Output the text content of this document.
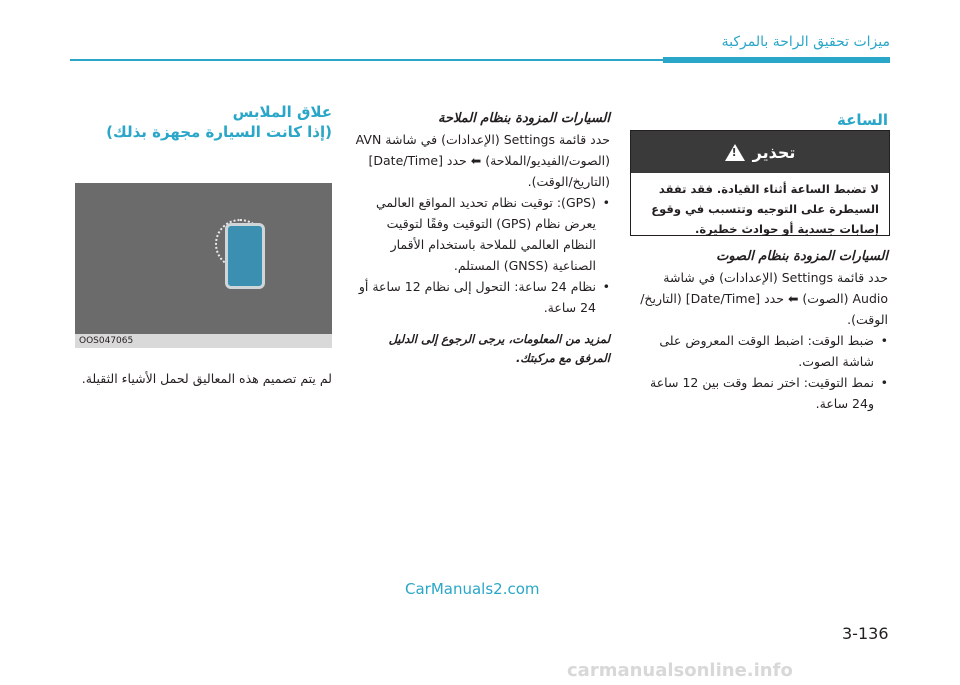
ﻣﻴﺰات ﺗﺤﻘﻴﻖ اﻟﺮاﺣﺔ ﺑﺎﻟﻤﺮﻛﺒﺔ
الساعة
! تحذير
لا تضبط الساعة أثناء القيادة. فقد تفقد السيطرة على التوجيه وتتسبب في وقوع إصابات جسدية أو حوادث خطيرة.
السيارات المزودة بنظام الصوت
حدد قائمة Settings (الإعدادات) في شاشة Audio (الصوت) ⬅ حدد [Date/Time] (التاريخ/الوقت).
• ضبط الوقت: اضبط الوقت المعروض على شاشة الصوت.
• نمط التوقيت: اختر نمط وقت بين 12 ساعة و24 ساعة.
السيارات المزودة بنظام الملاحة
حدد قائمة Settings (الإعدادات) في شاشة AVN (الصوت/الفيديو/الملاحة) ⬅ حدد [Date/Time] (التاريخ/الوقت).
• (GPS): توقيت نظام تحديد المواقع العالمي يعرض نظام (GPS) التوقيت وفقًا لتوقيت النظام العالمي للملاحة باستخدام الأقمار الصناعية (GNSS) المستلم.
• نظام 24 ساعة: التحول إلى نظام 12 ساعة أو 24 ساعة.
لمزيد من المعلومات، يرجى الرجوع إلى الدليل المرفق مع مركبتك.
علاق الملابس
(إذا كانت السيارة مجهزة بذلك)
OOS047065
لم يتم تصميم هذه المعاليق لحمل الأشياء الثقيلة.
CarManuals2.com
3-136
carmanualsonline.info
